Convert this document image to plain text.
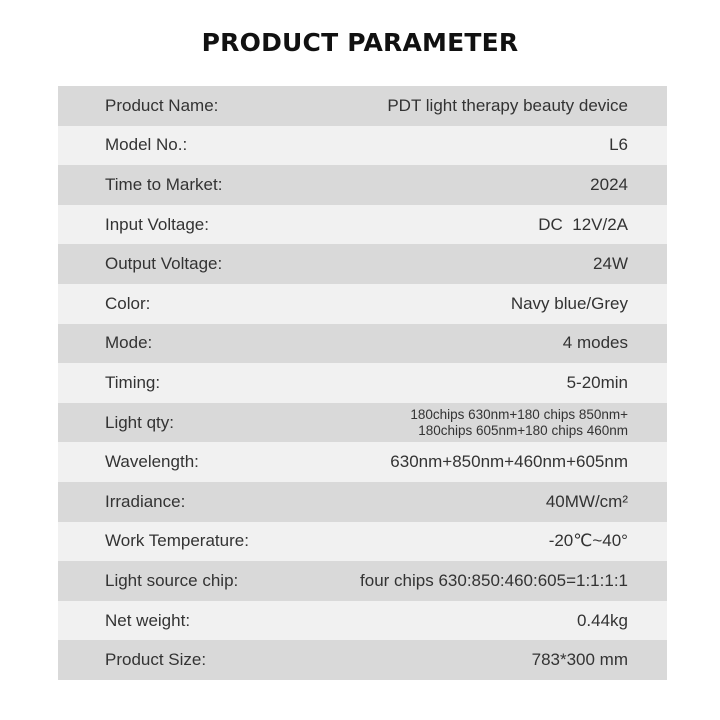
PRODUCT PARAMETER
Product Name:	PDT light therapy beauty device
Model No.:	L6
Time to Market:	2024
Input Voltage:	DC  12V/2A
Output Voltage:	24W
Color:	Navy blue/Grey
Mode:	4 modes
Timing:	5-20min
Light qty:	180chips 630nm+180 chips 850nm+
180chips 605nm+180 chips 460nm
Wavelength:	630nm+850nm+460nm+605nm
Irradiance:	40MW/cm²
Work Temperature:	-20℃~40°
Light source chip:	four chips 630:850:460:605=1:1:1:1
Net weight:	0.44kg
Product Size:	783*300 mm
